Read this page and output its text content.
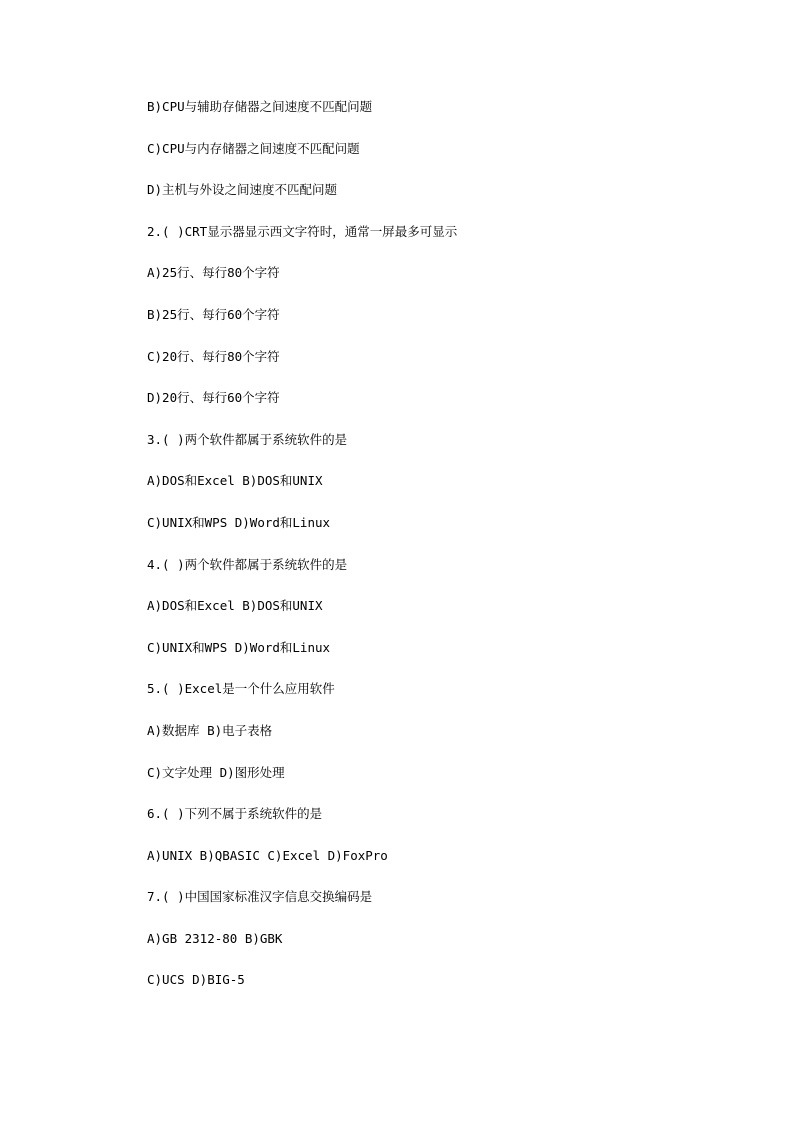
B)CPU与辅助存储器之间速度不匹配问题
C)CPU与内存储器之间速度不匹配问题
D)主机与外设之间速度不匹配问题
2.( )CRT显示器显示西文字符时，通常一屏最多可显示
A)25行、每行80个字符
B)25行、每行60个字符
C)20行、每行80个字符
D)20行、每行60个字符
3.( )两个软件都属于系统软件的是
A)DOS和Excel B)DOS和UNIX
C)UNIX和WPS D)Word和Linux
4.( )两个软件都属于系统软件的是
A)DOS和Excel B)DOS和UNIX
C)UNIX和WPS D)Word和Linux
5.( )Excel是一个什么应用软件
A)数据库 B)电子表格
C)文字处理 D)图形处理
6.( )下列不属于系统软件的是
A)UNIX B)QBASIC C)Excel D)FoxPro
7.( )中国国家标准汉字信息交换编码是
A)GB 2312-80 B)GBK
C)UCS D)BIG-5
